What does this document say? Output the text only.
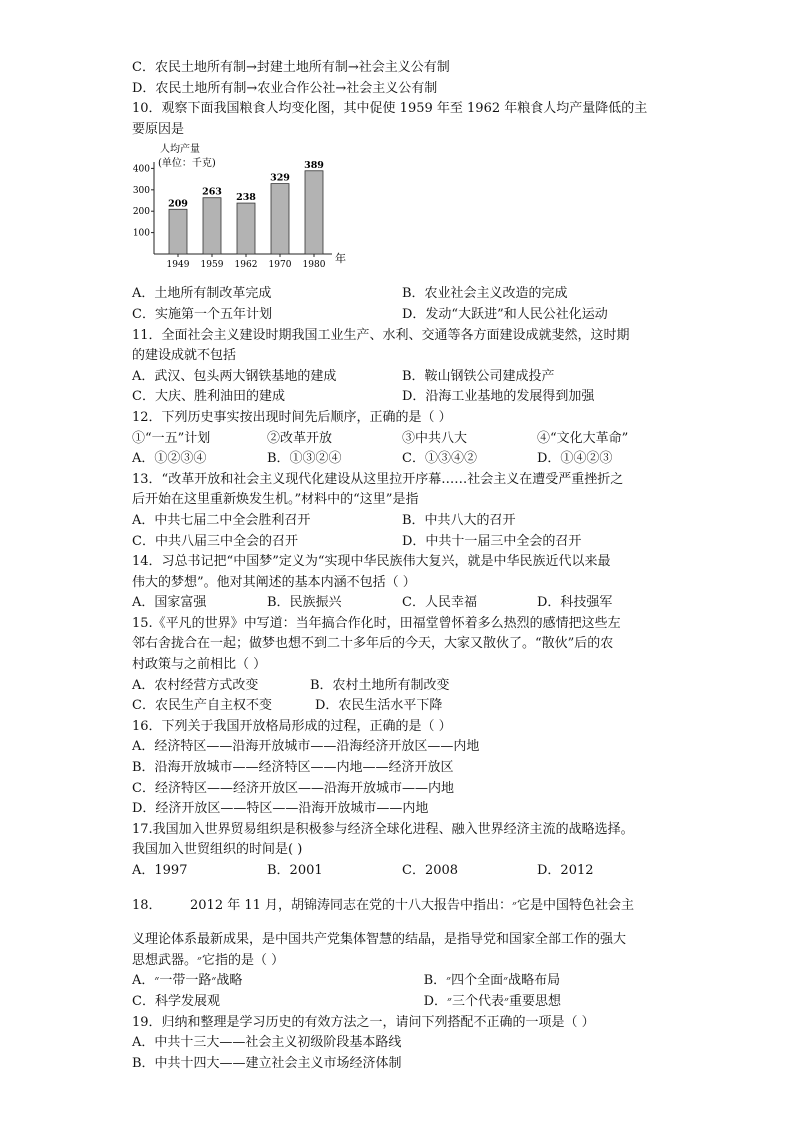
C．农民土地所有制→封建土地所有制→社会主义公有制
D．农民土地所有制→农业合作公社→社会主义公有制
10．观察下面我国粮食人均变化图，其中促使 1959 年至 1962 年粮食人均产量降低的主
要原因是
人均产量
(单位：千克)
年
100
200
300
400
209
1949
263
1959
238
1962
329
1970
389
1980
A．土地所有制改革完成	B．农业社会主义改造的完成
C．实施第一个五年计划	D．发动“大跃进”和人民公社化运动
11．全面社会主义建设时期我国工业生产、水利、交通等各方面建设成就斐然，这时期
的建设成就不包括
A．武汉、包头两大钢铁基地的建成	B．鞍山钢铁公司建成投产
C．大庆、胜利油田的建成	D．沿海工业基地的发展得到加强
12．下列历史事实按出现时间先后顺序，正确的是（ ）
①“一五”计划	②改革开放	③中共八大	④“文化大革命”
A．①②③④	B．①③②④	C．①③④②	D．①④②③
13．“改革开放和社会主义现代化建设从这里拉开序幕……社会主义在遭受严重挫折之
后开始在这里重新焕发生机。”材料中的“这里”是指
A．中共七届二中全会胜利召开	B．中共八大的召开
C．中共八届三中全会的召开	D．中共十一届三中全会的召开
14．习总书记把“中国梦”定义为“实现中华民族伟大复兴，就是中华民族近代以来最
伟大的梦想”。他对其阐述的基本内涵不包括（ ）
A．国家富强	B．民族振兴	C．人民幸福	D．科技强军
15.《平凡的世界》中写道：当年搞合作化时，田福堂曾怀着多么热烈的感情把这些左
邻右舍拢合在一起；做梦也想不到二十多年后的今天，大家又散伙了。“散伙”后的农
村政策与之前相比（ ）
A．农村经营方式改变	B．农村土地所有制改变
C．农民生产自主权不变	D．农民生活水平下降
16．下列关于我国开放格局形成的过程，正确的是（ ）
A．经济特区——沿海开放城市——沿海经济开放区——内地
B．沿海开放城市——经济特区——内地——经济开放区
C．经济特区——经济开放区——沿海开放城市——内地
D．经济开放区——特区——沿海开放城市——内地
17.我国加入世界贸易组织是积极参与经济全球化进程、融入世界经济主流的战略选择。
我国加入世贸组织的时间是( )
A．1997	B．2001	C．2008	D．2012
18． 2012 年 11 月，胡锦涛同志在党的十八大报告中指出：״它是中国特色社会主
义理论体系最新成果，是中国共产党集体智慧的结晶，是指导党和国家全部工作的强大
思想武器。״它指的是（ ）
A．״一带一路״战略	B．״四个全面״战略布局
C．科学发展观	D．״三个代表״重要思想
19．归纳和整理是学习历史的有效方法之一，请问下列搭配不正确的一项是（ ）
A．中共十三大——社会主义初级阶段基本路线
B．中共十四大——建立社会主义市场经济体制
